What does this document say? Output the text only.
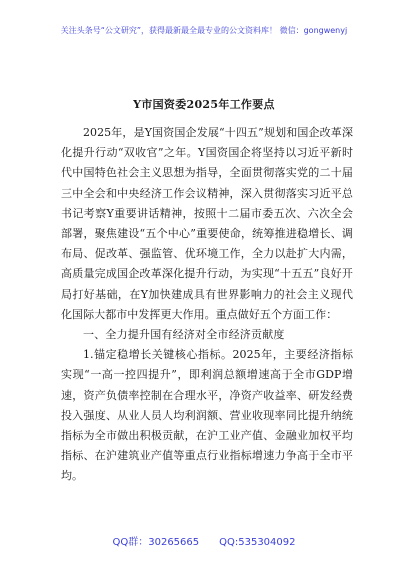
关注头条号“公文研究”，获得最新最全最专业的公文资料库！ 微信：gongwenyj
Y市国资委2025年工作要点

2025年，是Y国资国企发展“十四五”规划和国企改革深化提升行动“双收官”之年。Y国资国企将坚持以习近平新时代中国特色社会主义思想为指导，全面贯彻落实党的二十届三中全会和中央经济工作会议精神，深入贯彻落实习近平总书记考察Y重要讲话精神，按照十二届市委五次、六次全会部署，聚焦建设“五个中心”重要使命，统筹推进稳增长、调布局、促改革、强监管、优环境工作，全力以赴扩大内需，高质量完成国企改革深化提升行动，为实现“十五五”良好开局打好基础，在Y加快建成具有世界影响力的社会主义现代化国际大都市中发挥更大作用。重点做好五个方面工作：

一、全力提升国有经济对全市经济贡献度

1.锚定稳增长关键核心指标。2025年，主要经济指标实现“一高一控四提升”，即利润总额增速高于全市GDP增速，资产负债率控制在合理水平，净资产收益率、研发经费投入强度、从业人员人均利润额、营业收现率同比提升纳统指标为全市做出积极贡献，在沪工业产值、金融业加权平均指标、在沪建筑业产值等重点行业指标增速力争高于全市平均。

QQ群：30265665 QQ:535304092
